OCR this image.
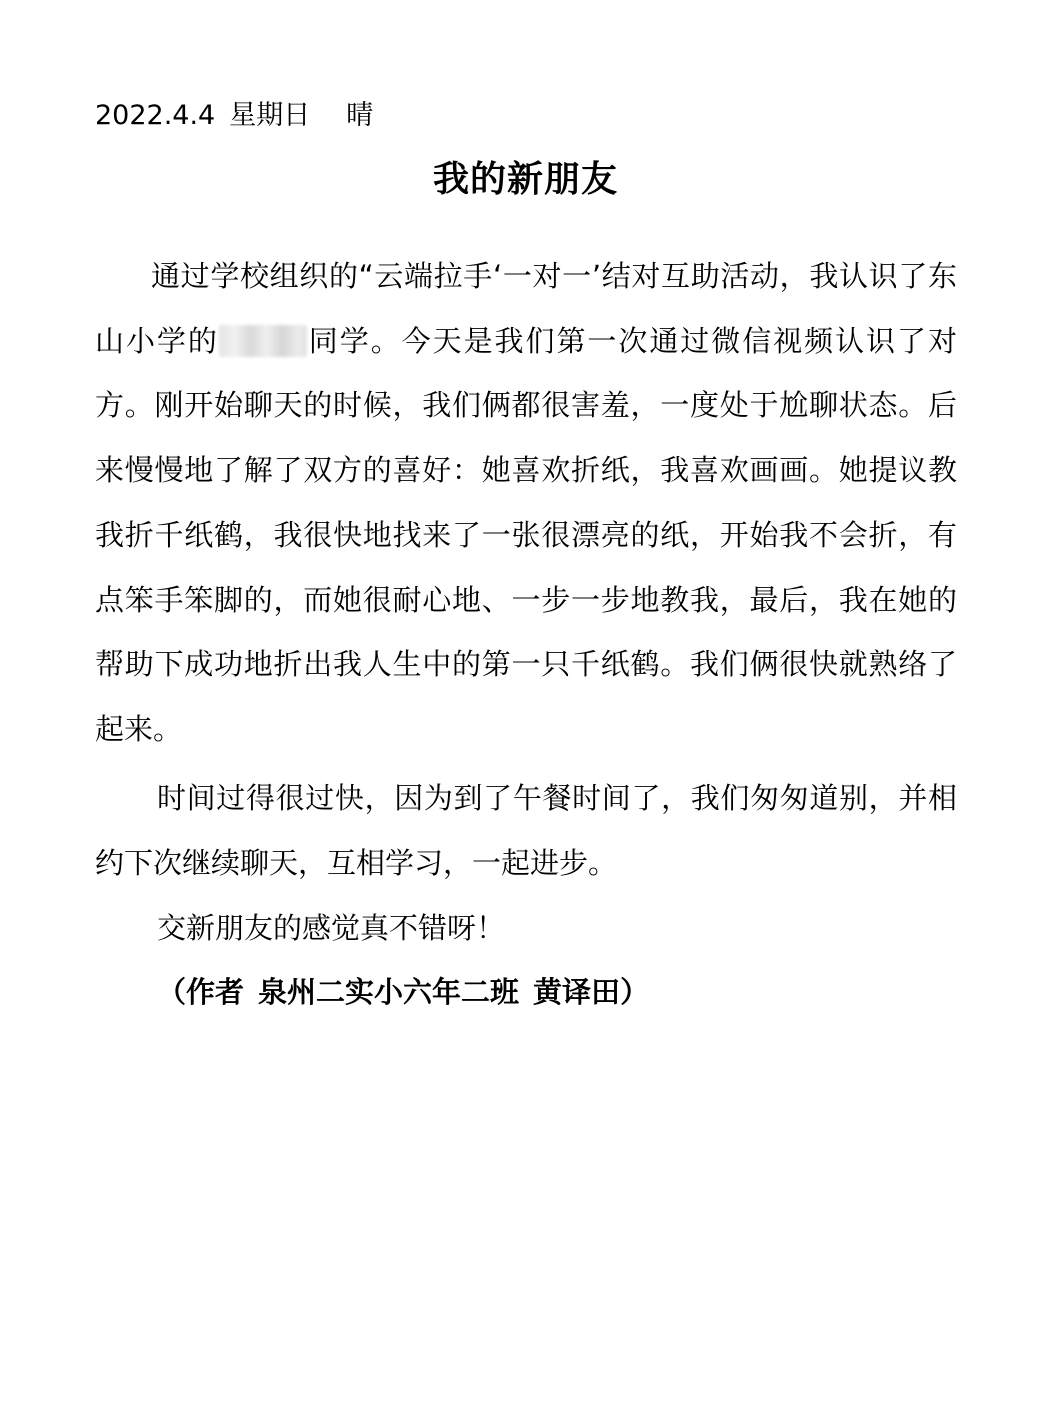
2022.4.4 星期日 晴
我的新朋友
通过学校组织的“云端拉手‘一对一’结对互助活动，我认识了东山小学的	同学。今天是我们第一次通过微信视频认识了对方。刚开始聊天的时候，我们俩都很害羞，一度处于尬聊状态。后来慢慢地了解了双方的喜好：她喜欢折纸，我喜欢画画。她提议教我折千纸鹤，我很快地找来了一张很漂亮的纸，开始我不会折，有点笨手笨脚的，而她很耐心地、一步一步地教我，最后，我在她的帮助下成功地折出我人生中的第一只千纸鹤。我们俩很快就熟络了起来。
时间过得很过快，因为到了午餐时间了，我们匆匆道别，并相约下次继续聊天，互相学习，一起进步。
交新朋友的感觉真不错呀！
（作者 泉州二实小六年二班 黄译田）
